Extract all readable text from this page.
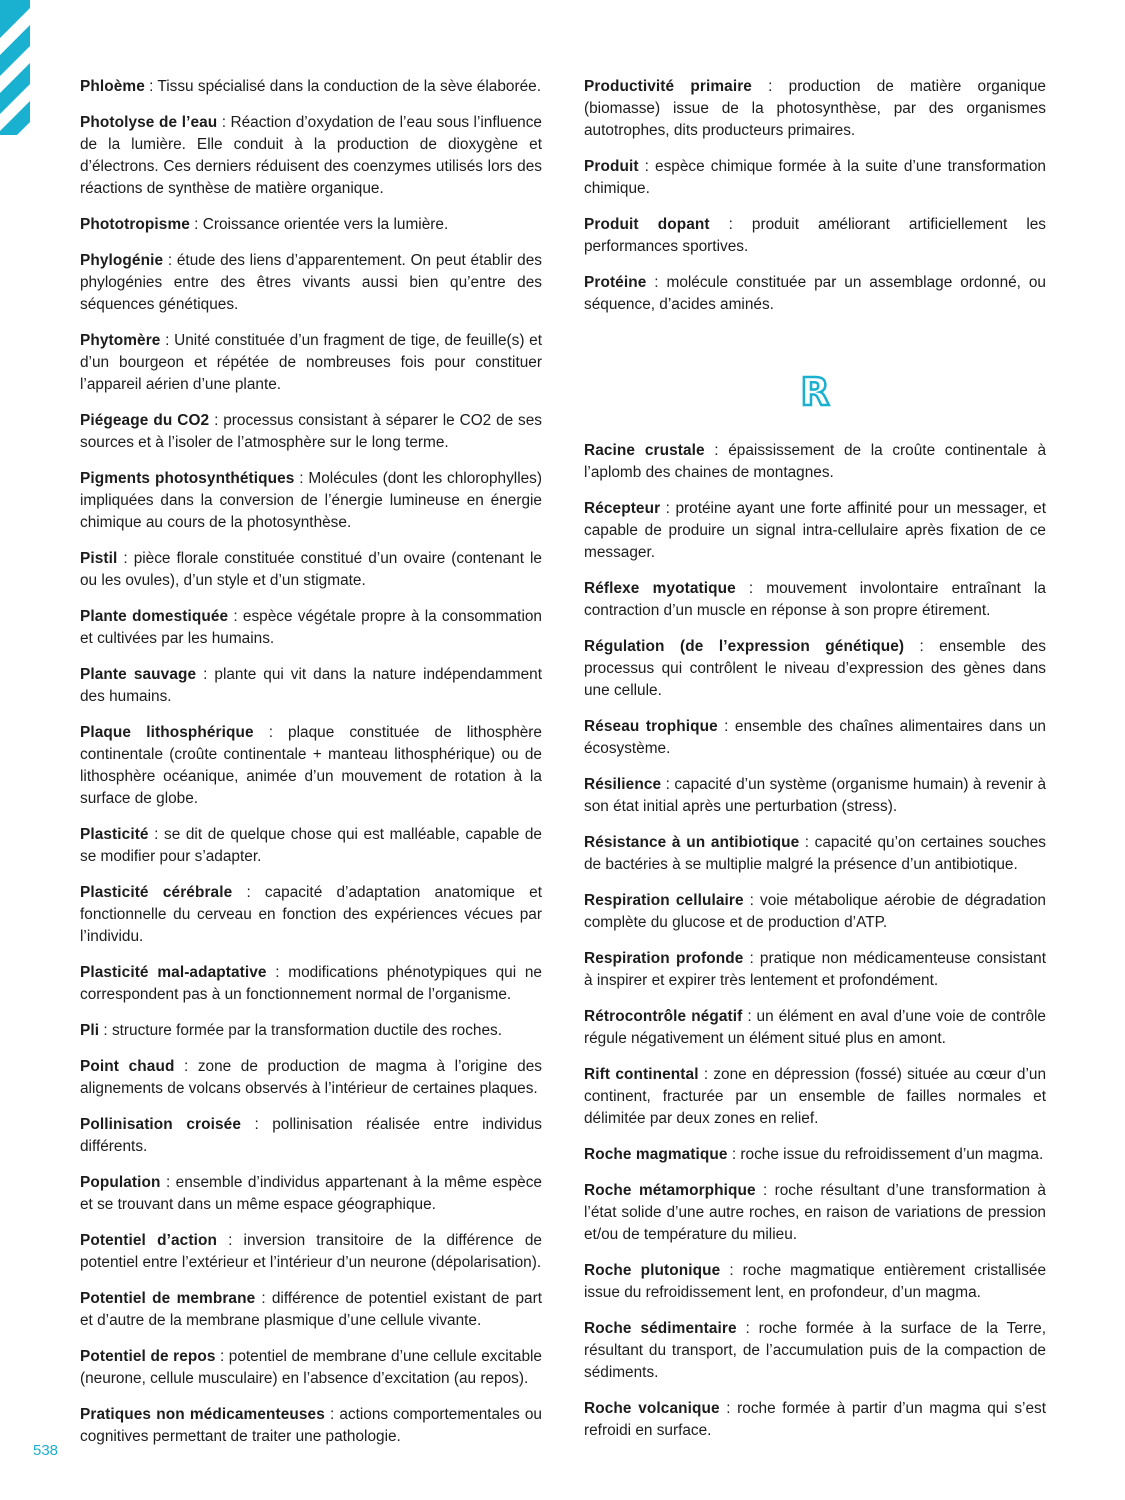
Phloème : Tissu spécialisé dans la conduction de la sève élaborée.

Photolyse de l’eau : Réaction d’oxydation de l’eau sous l’influence de la lumière. Elle conduit à la production de dioxygène et d’électrons. Ces derniers réduisent des coenzymes utilisés lors des réactions de synthèse de matière organique.

Phototropisme : Croissance orientée vers la lumière.

Phylogénie : étude des liens d’apparentement. On peut établir des phylogénies entre des êtres vivants aussi bien qu’entre des séquences génétiques.

Phytomère : Unité constituée d’un fragment de tige, de feuille(s) et d’un bourgeon et répétée de nombreuses fois pour constituer l’appareil aérien d’une plante.

Piégeage du CO2 : processus consistant à séparer le CO2 de ses sources et à l’isoler de l’atmosphère sur le long terme.

Pigments photosynthétiques : Molécules (dont les chlorophylles) impliquées dans la conversion de l’énergie lumineuse en énergie chimique au cours de la photosynthèse.

Pistil : pièce florale constituée constitué d’un ovaire (contenant le ou les ovules), d’un style et d’un stigmate.

Plante domestiquée : espèce végétale propre à la consommation et cultivées par les humains.

Plante sauvage : plante qui vit dans la nature indépendamment des humains.

Plaque lithosphérique : plaque constituée de lithosphère continentale (croûte continentale + manteau lithosphérique) ou de lithosphère océanique, animée d’un mouvement de rotation à la surface de globe.

Plasticité : se dit de quelque chose qui est malléable, capable de se modifier pour s’adapter.

Plasticité cérébrale : capacité d’adaptation anatomique et fonctionnelle du cerveau en fonction des expériences vécues par l’individu.

Plasticité mal-adaptative : modifications phénotypiques qui ne correspondent pas à un fonctionnement normal de l’organisme.

Pli : structure formée par la transformation ductile des roches.

Point chaud : zone de production de magma à l’origine des alignements de volcans observés à l’intérieur de certaines plaques.

Pollinisation croisée : pollinisation réalisée entre individus différents.

Population : ensemble d’individus appartenant à la même espèce et se trouvant dans un même espace géographique.

Potentiel d’action : inversion transitoire de la différence de potentiel entre l’extérieur et l’intérieur d’un neurone (dépolarisation).

Potentiel de membrane : différence de potentiel existant de part et d’autre de la membrane plasmique d’une cellule vivante.

Potentiel de repos : potentiel de membrane d’une cellule excitable (neurone, cellule musculaire) en l’absence d’excitation (au repos).

Pratiques non médicamenteuses : actions comportementales ou cognitives permettant de traiter une pathologie.

Productivité primaire : production de matière organique (biomasse) issue de la photosynthèse, par des organismes autotrophes, dits producteurs primaires.

Produit : espèce chimique formée à la suite d’une transformation chimique.

Produit dopant : produit améliorant artificiellement les performances sportives.

Protéine : molécule constituée par un assemblage ordonné, ou séquence, d’acides aminés.

R

Racine crustale : épaississement de la croûte continentale à l’aplomb des chaines de montagnes.

Récepteur : protéine ayant une forte affinité pour un messager, et capable de produire un signal intra-cellulaire après fixation de ce messager.

Réflexe myotatique : mouvement involontaire entraînant la contraction d’un muscle en réponse à son propre étirement.

Régulation (de l’expression génétique) : ensemble des processus qui contrôlent le niveau d’expression des gènes dans une cellule.

Réseau trophique : ensemble des chaînes alimentaires dans un écosystème.

Résilience : capacité d’un système (organisme humain) à revenir à son état initial après une perturbation (stress).

Résistance à un antibiotique : capacité qu’on certaines souches de bactéries à se multiplie malgré la présence d’un antibiotique.

Respiration cellulaire : voie métabolique aérobie de dégradation complète du glucose et de production d’ATP.

Respiration profonde : pratique non médicamenteuse consistant à inspirer et expirer très lentement et profondément.

Rétrocontrôle négatif : un élément en aval d’une voie de contrôle régule négativement un élément situé plus en amont.

Rift continental : zone en dépression (fossé) située au cœur d’un continent, fracturée par un ensemble de failles normales et délimitée par deux zones en relief.

Roche magmatique : roche issue du refroidissement d’un magma.

Roche métamorphique : roche résultant d’une transformation à l’état solide d’une autre roches, en raison de variations de pression et/ou de température du milieu.

Roche plutonique : roche magmatique entièrement cristallisée issue du refroidissement lent, en profondeur, d’un magma.

Roche sédimentaire : roche formée à la surface de la Terre, résultant du transport, de l’accumulation puis de la compaction de sédiments.

Roche volcanique : roche formée à partir d’un magma qui s’est refroidi en surface.

538
